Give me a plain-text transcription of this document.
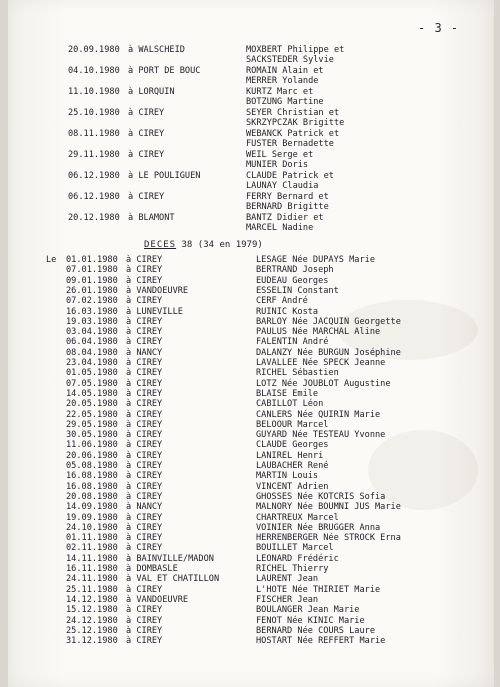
- 3 -
20.09.1980 à WALSCHEID	MOXBERT Philippe et
SACKSTEDER Sylvie
04.10.1980 à PORT DE BOUC	ROMAIN Alain et
MERRER Yolande
11.10.1980 à LORQUIN	KURTZ Marc et
BOTZUNG Martine
25.10.1980 à CIREY	SEYER Christian et
SKRZYPCZAK Brigitte
08.11.1980 à CIREY	WEBANCK Patrick et
FUSTER Bernadette
29.11.1980 à CIREY	WEIL Serge et
MUNIER Doris
06.12.1980 à LE POULIGUEN	CLAUDE Patrick et
LAUNAY Claudia
06.12.1980 à CIREY	FERRY Bernard et
BERNARD Brigitte
20.12.1980 à BLAMONT	BANTZ Didier et
MARCEL Nadine
DECES 38 (34 en 1979)
Le 01.01.1980 à CIREY	LESAGE Née DUPAYS Marie
07.01.1980 à CIREY	BERTRAND Joseph
09.01.1980 à CIREY	EUDEAU Georges
26.01.1980 à VANDOEUVRE	ESSELIN Constant
07.02.1980 à CIREY	CERF André
16.03.1980 à LUNEVILLE	RUINIC Kosta
19.03.1980 à CIREY	BARLOY Née JACQUIN Georgette
03.04.1980 à CIREY	PAULUS Née MARCHAL Aline
06.04.1980 à CIREY	FALENTIN André
08.04.1980 à NANCY	DALANZY Née BURGUN Joséphine
23.04.1980 à CIREY	LAVALLEE Née SPECK Jeanne
01.05.1980 à CIREY	RICHEL Sébastien
07.05.1980 à CIREY	LOTZ Née JOUBLOT Augustine
14.05.1980 à CIREY	BLAISE Emile
20.05.1980 à CIREY	CABILLOT Léon
22.05.1980 à CIREY	CANLERS Née QUIRIN Marie
29.05.1980 à CIREY	BELOOUR Marcel
30.05.1980 à CIREY	GUYARD Née TESTEAU Yvonne
11.06.1980 à CIREY	CLAUDE Georges
20.06.1980 à CIREY	LANIREL Henri
05.08.1980 à CIREY	LAUBACHER René
16.08.1980 à CIREY	MARTIN Louis
16.08.1980 à CIREY	VINCENT Adrien
20.08.1980 à CIREY	GHOSSES Née KOTCRIS Sofia
14.09.1980 à NANCY	MALNORY Née BOUMNI JUS Marie
19.09.1980 à CIREY	CHARTREUX Marcel
24.10.1980 à CIREY	VOINIER Née BRUGGER Anna
01.11.1980 à CIREY	HERRENBERGER Née STROCK Erna
02.11.1980 à CIREY	BOUILLET Marcel
14.11.1980 à BAINVILLE/MADON	LEONARD Frédéric
16.11.1980 à DOMBASLE	RICHEL Thierry
24.11.1980 à VAL ET CHATILLON	LAURENT Jean
25.11.1980 à CIREY	L'HOTE Née THIRIET Marie
14.12.1980 à VANDOEUVRE	FISCHER Jean
15.12.1980 à CIREY	BOULANGER Jean Marie
24.12.1980 à CIREY	FENOT Née KINIC Marie
25.12.1980 à CIREY	BERNARD Née COURS Laure
31.12.1980 à CIREY	HOSTART Née REFFERT Marie
